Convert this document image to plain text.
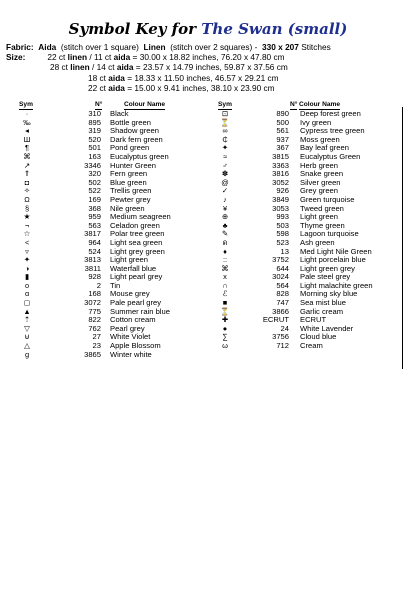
Symbol Key for The Swan (small)
Fabric: Aida (stitch over 1 square) Linen (stitch over 2 squares) - 330 x 207 Stitches
Size:	22 ct linen / 11 ct aida = 30.00 x 18.82 inches, 76.20 x 47.80 cm
28 ct linen / 14 ct aida = 23.57 x 14.79 inches, 59.87 x 37.56 cm
18 ct aida = 18.33 x 11.50 inches, 46.57 x 29.21 cm
22 ct aida = 15.00 x 9.41 inches, 38.10 x 23.90 cm
Sym	N°	Colour Name
·	310 Black
‰	895 Bottle green
◂	319 Shadow green
Ш	520 Dark fern green
¶	501 Pond green
⌘	163 Eucalyptus green
↗	3346 Hunter Green
⇑	320 Fern green
◘	502 Blue green
✧	522 Trellis green
Ω	169 Pewter grey
§	368 Nile green
★	959 Medium seagreen
¬	563 Celadon green
☆	3817 Polar tree green
<	964 Light sea green
▿	524 Light grey green
✦	3813 Light green
◑	3811 Waterfall blue
▮	928 Light pearl grey
o	2 Tin
ɑ	168 Mouse grey
◻	3072 Pale pearl grey
▲	775 Summer rain blue
⇡	822 Cotton cream
▽	762 Pearl grey
⊍	27 White Violet
△	23 Apple Blossom
g	3865 Winter white
Sym	N° Colour Name
⊡	890 Deep forest green
⏳	500 Ivy green
∞	561 Cypress tree green
₵	937 Moss green
✦	367 Bay leaf green
≈	3815 Eucalyptus Green
♂	3363 Herb green
✽	3816 Snake green
@	3052 Silver green
✓	926 Grey green
♪	3849 Green turquoise
¥	3053 Tweed green
⊕	993 Light green
♣	503 Thyme green
✎	598 Lagoon turquoise
ด	523 Ash green
♦	13 Med Light Nile Green
::	3752 Light porcelain blue
⌘	644 Light green grey
x	3024 Pale steel grey
∩	564 Light malachite green
ℰ	828 Morning sky blue
■	747 Sea mist blue
⏳	3866 Garlic cream
✚	ECRUT ECRUT
●	24 White Lavender
∑	3756 Cloud blue
ω	712 Cream
